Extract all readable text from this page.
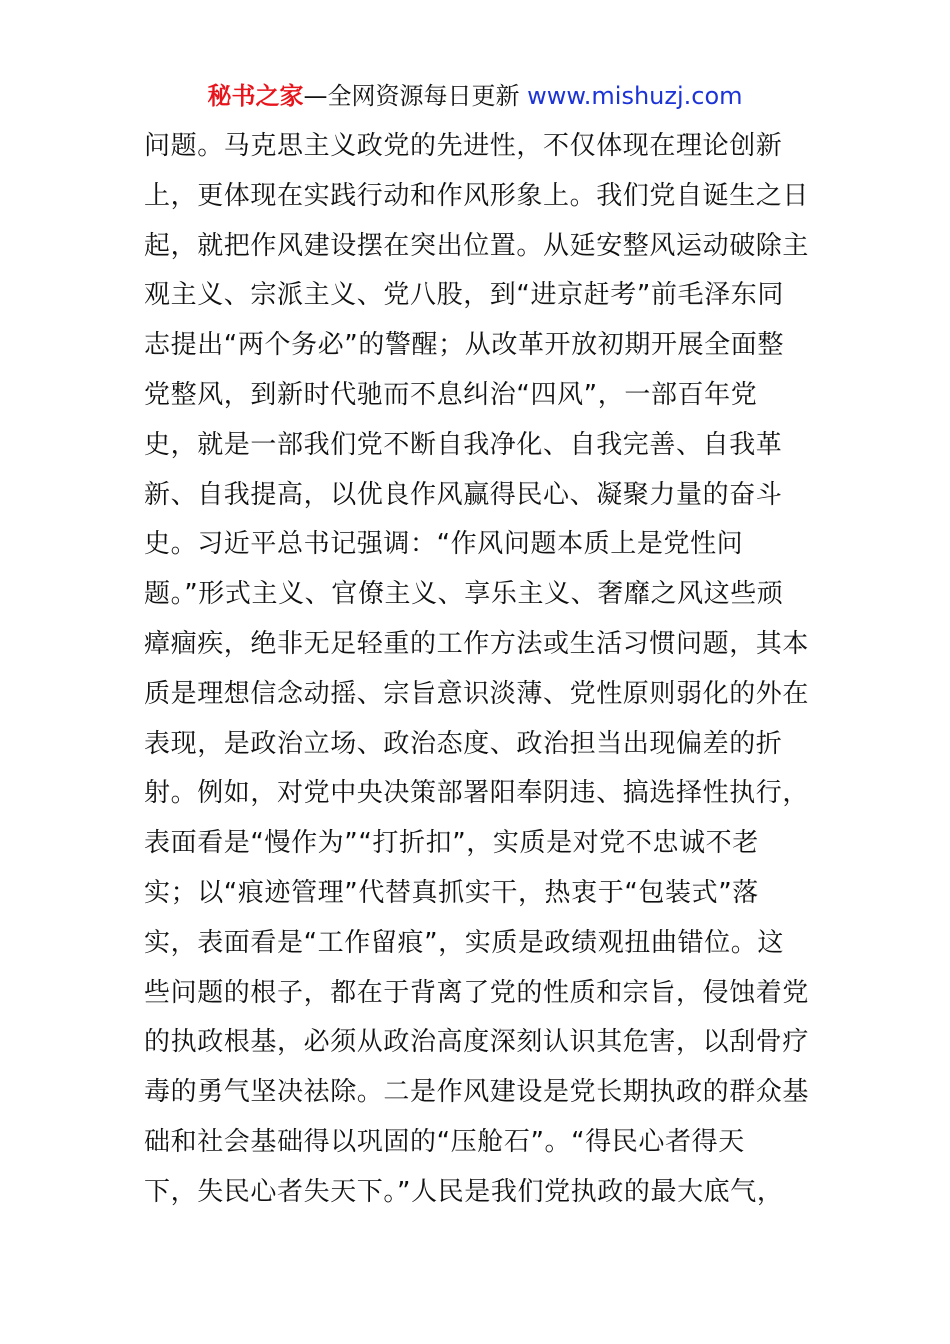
秘书之家—全网资源每日更新 www.mishuzj.com
问题。马克思主义政党的先进性，不仅体现在理论创新
上，更体现在实践行动和作风形象上。我们党自诞生之日
起，就把作风建设摆在突出位置。从延安整风运动破除主
观主义、宗派主义、党八股，到“进京赶考”前毛泽东同
志提出“两个务必”的警醒；从改革开放初期开展全面整
党整风，到新时代驰而不息纠治“四风”，一部百年党
史，就是一部我们党不断自我净化、自我完善、自我革
新、自我提高，以优良作风赢得民心、凝聚力量的奋斗
史。习近平总书记强调：“作风问题本质上是党性问
题。”形式主义、官僚主义、享乐主义、奢靡之风这些顽
瘴痼疾，绝非无足轻重的工作方法或生活习惯问题，其本
质是理想信念动摇、宗旨意识淡薄、党性原则弱化的外在
表现，是政治立场、政治态度、政治担当出现偏差的折
射。例如，对党中央决策部署阳奉阴违、搞选择性执行，
表面看是“慢作为”“打折扣”，实质是对党不忠诚不老
实；以“痕迹管理”代替真抓实干，热衷于“包装式”落
实，表面看是“工作留痕”，实质是政绩观扭曲错位。这
些问题的根子，都在于背离了党的性质和宗旨，侵蚀着党
的执政根基，必须从政治高度深刻认识其危害，以刮骨疗
毒的勇气坚决祛除。二是作风建设是党长期执政的群众基
础和社会基础得以巩固的“压舱石”。“得民心者得天
下，失民心者失天下。”人民是我们党执政的最大底气，
